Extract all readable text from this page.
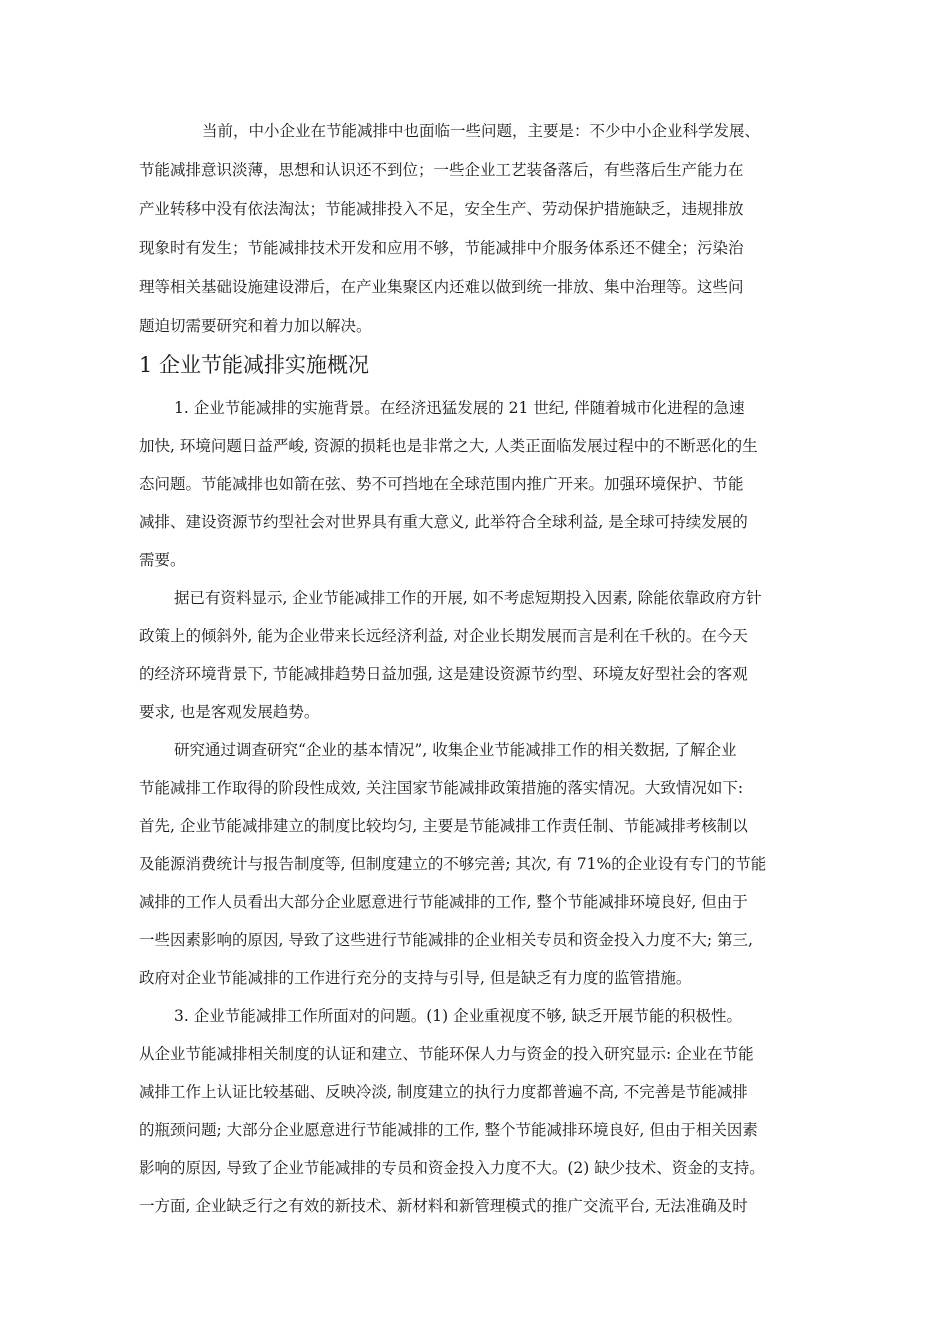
当前，中小企业在节能减排中也面临一些问题，主要是：不少中小企业科学发展、
节能减排意识淡薄，思想和认识还不到位；一些企业工艺装备落后，有些落后生产能力在
产业转移中没有依法淘汰；节能减排投入不足，安全生产、劳动保护措施缺乏，违规排放
现象时有发生；节能减排技术开发和应用不够，节能减排中介服务体系还不健全；污染治
理等相关基础设施建设滞后，在产业集聚区内还难以做到统一排放、集中治理等。这些问
题迫切需要研究和着力加以解决。
1 企业节能减排实施概况
1. 企业节能减排的实施背景。在经济迅猛发展的 21 世纪, 伴随着城市化进程的急速
加快, 环境问题日益严峻, 资源的损耗也是非常之大, 人类正面临发展过程中的不断恶化的生
态问题。节能减排也如箭在弦、势不可挡地在全球范围内推广开来。加强环境保护、节能
减排、建设资源节约型社会对世界具有重大意义, 此举符合全球利益, 是全球可持续发展的
需要。
据已有资料显示, 企业节能减排工作的开展, 如不考虑短期投入因素, 除能依靠政府方针
政策上的倾斜外, 能为企业带来长远经济利益, 对企业长期发展而言是利在千秋的。在今天
的经济环境背景下, 节能减排趋势日益加强, 这是建设资源节约型、环境友好型社会的客观
要求, 也是客观发展趋势。
研究通过调查研究“企业的基本情况”, 收集企业节能减排工作的相关数据, 了解企业
节能减排工作取得的阶段性成效, 关注国家节能减排政策措施的落实情况。大致情况如下:
首先, 企业节能减排建立的制度比较均匀, 主要是节能减排工作责任制、节能减排考核制以
及能源消费统计与报告制度等, 但制度建立的不够完善; 其次, 有 71%的企业设有专门的节能
减排的工作人员看出大部分企业愿意进行节能减排的工作, 整个节能减排环境良好, 但由于
一些因素影响的原因, 导致了这些进行节能减排的企业相关专员和资金投入力度不大; 第三,
政府对企业节能减排的工作进行充分的支持与引导, 但是缺乏有力度的监管措施。
3. 企业节能减排工作所面对的问题。(1) 企业重视度不够, 缺乏开展节能的积极性。
从企业节能减排相关制度的认证和建立、节能环保人力与资金的投入研究显示: 企业在节能
减排工作上认证比较基础、反映冷淡, 制度建立的执行力度都普遍不高, 不完善是节能减排
的瓶颈问题; 大部分企业愿意进行节能减排的工作, 整个节能减排环境良好, 但由于相关因素
影响的原因, 导致了企业节能减排的专员和资金投入力度不大。(2) 缺少技术、资金的支持。
一方面, 企业缺乏行之有效的新技术、新材料和新管理模式的推广交流平台, 无法准确及时
